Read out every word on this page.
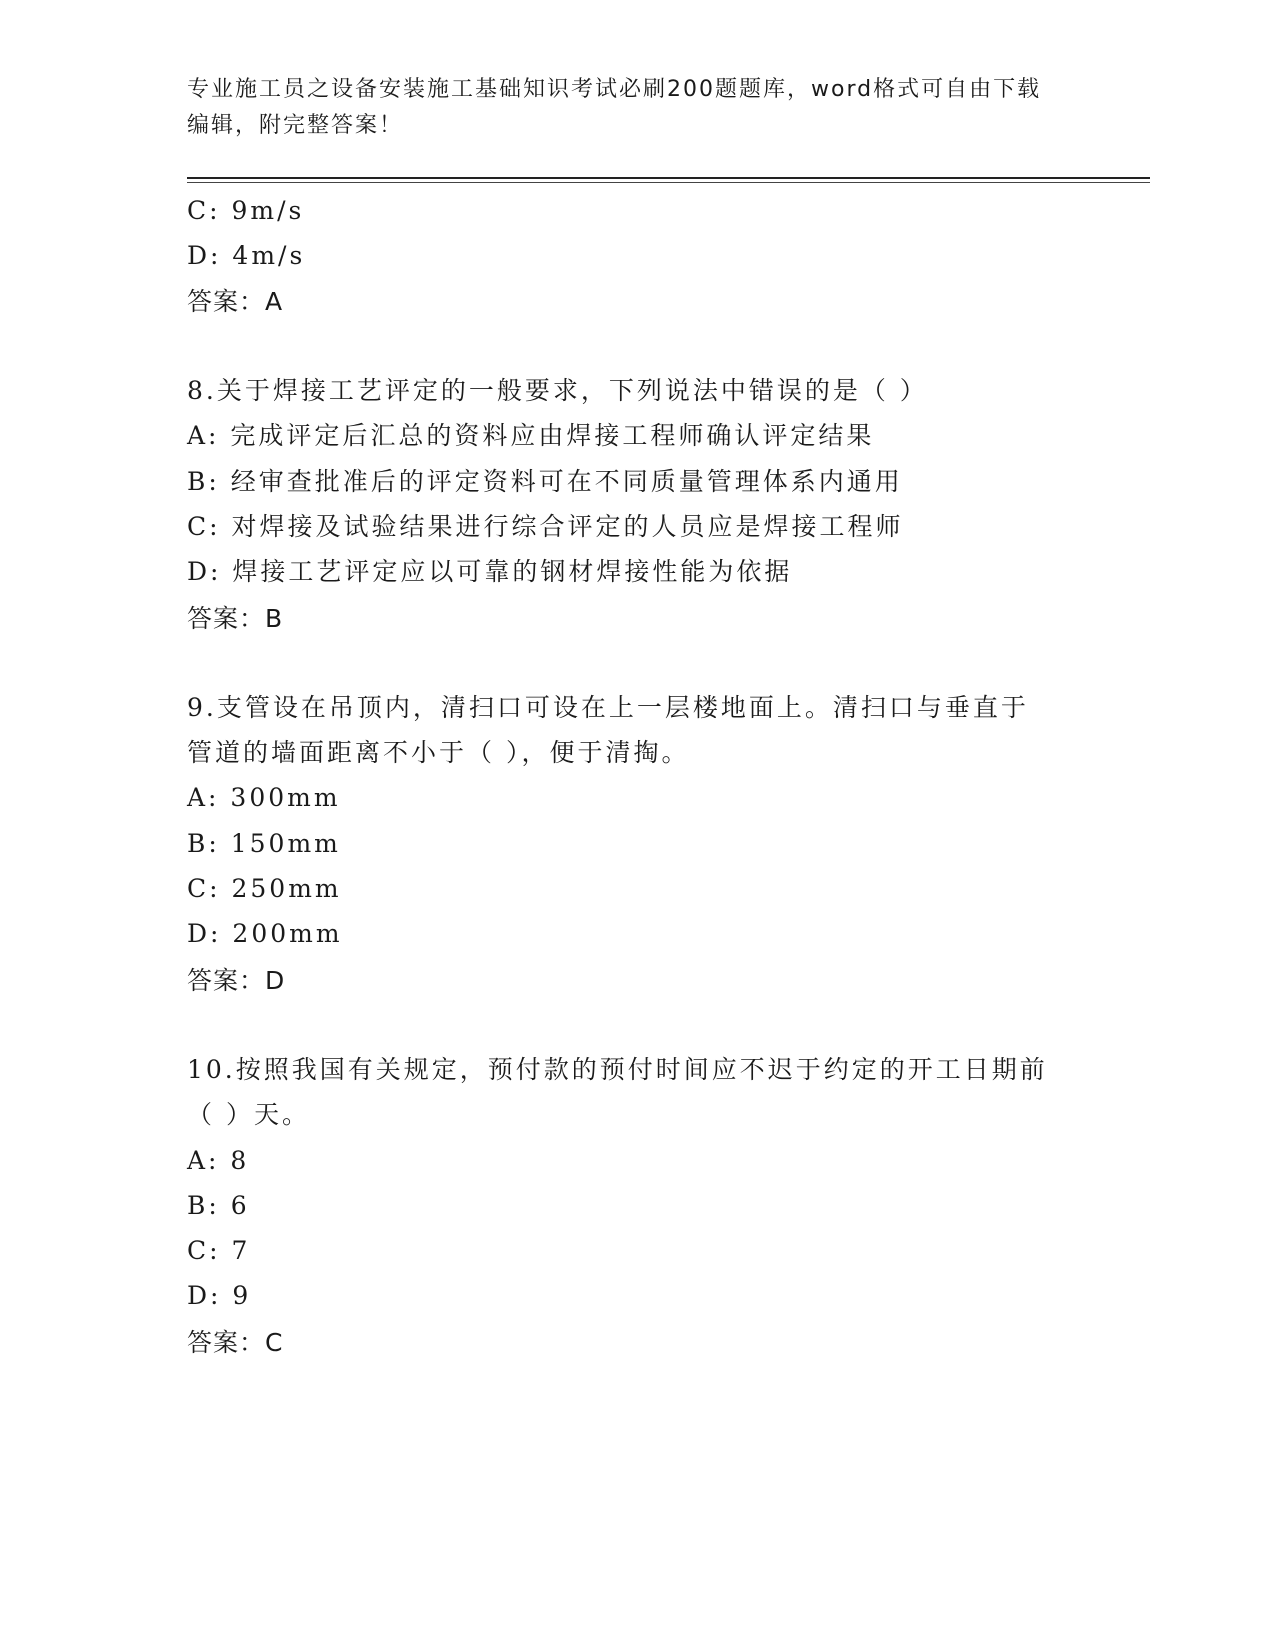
专业施工员之设备安装施工基础知识考试必刷200题题库，word格式可自由下载
编辑，附完整答案！
C: 9m/s
D: 4m/s
答案：A
8.关于焊接工艺评定的一般要求，下列说法中错误的是（ ）
A: 完成评定后汇总的资料应由焊接工程师确认评定结果
B: 经审查批准后的评定资料可在不同质量管理体系内通用
C: 对焊接及试验结果进行综合评定的人员应是焊接工程师
D: 焊接工艺评定应以可靠的钢材焊接性能为依据
答案：B
9.支管设在吊顶内，清扫口可设在上一层楼地面上。清扫口与垂直于
管道的墙面距离不小于（ ），便于清掏。
A: 300mm
B: 150mm
C: 250mm
D: 200mm
答案：D
10.按照我国有关规定，预付款的预付时间应不迟于约定的开工日期前
（ ）天。
A: 8
B: 6
C: 7
D: 9
答案：C
